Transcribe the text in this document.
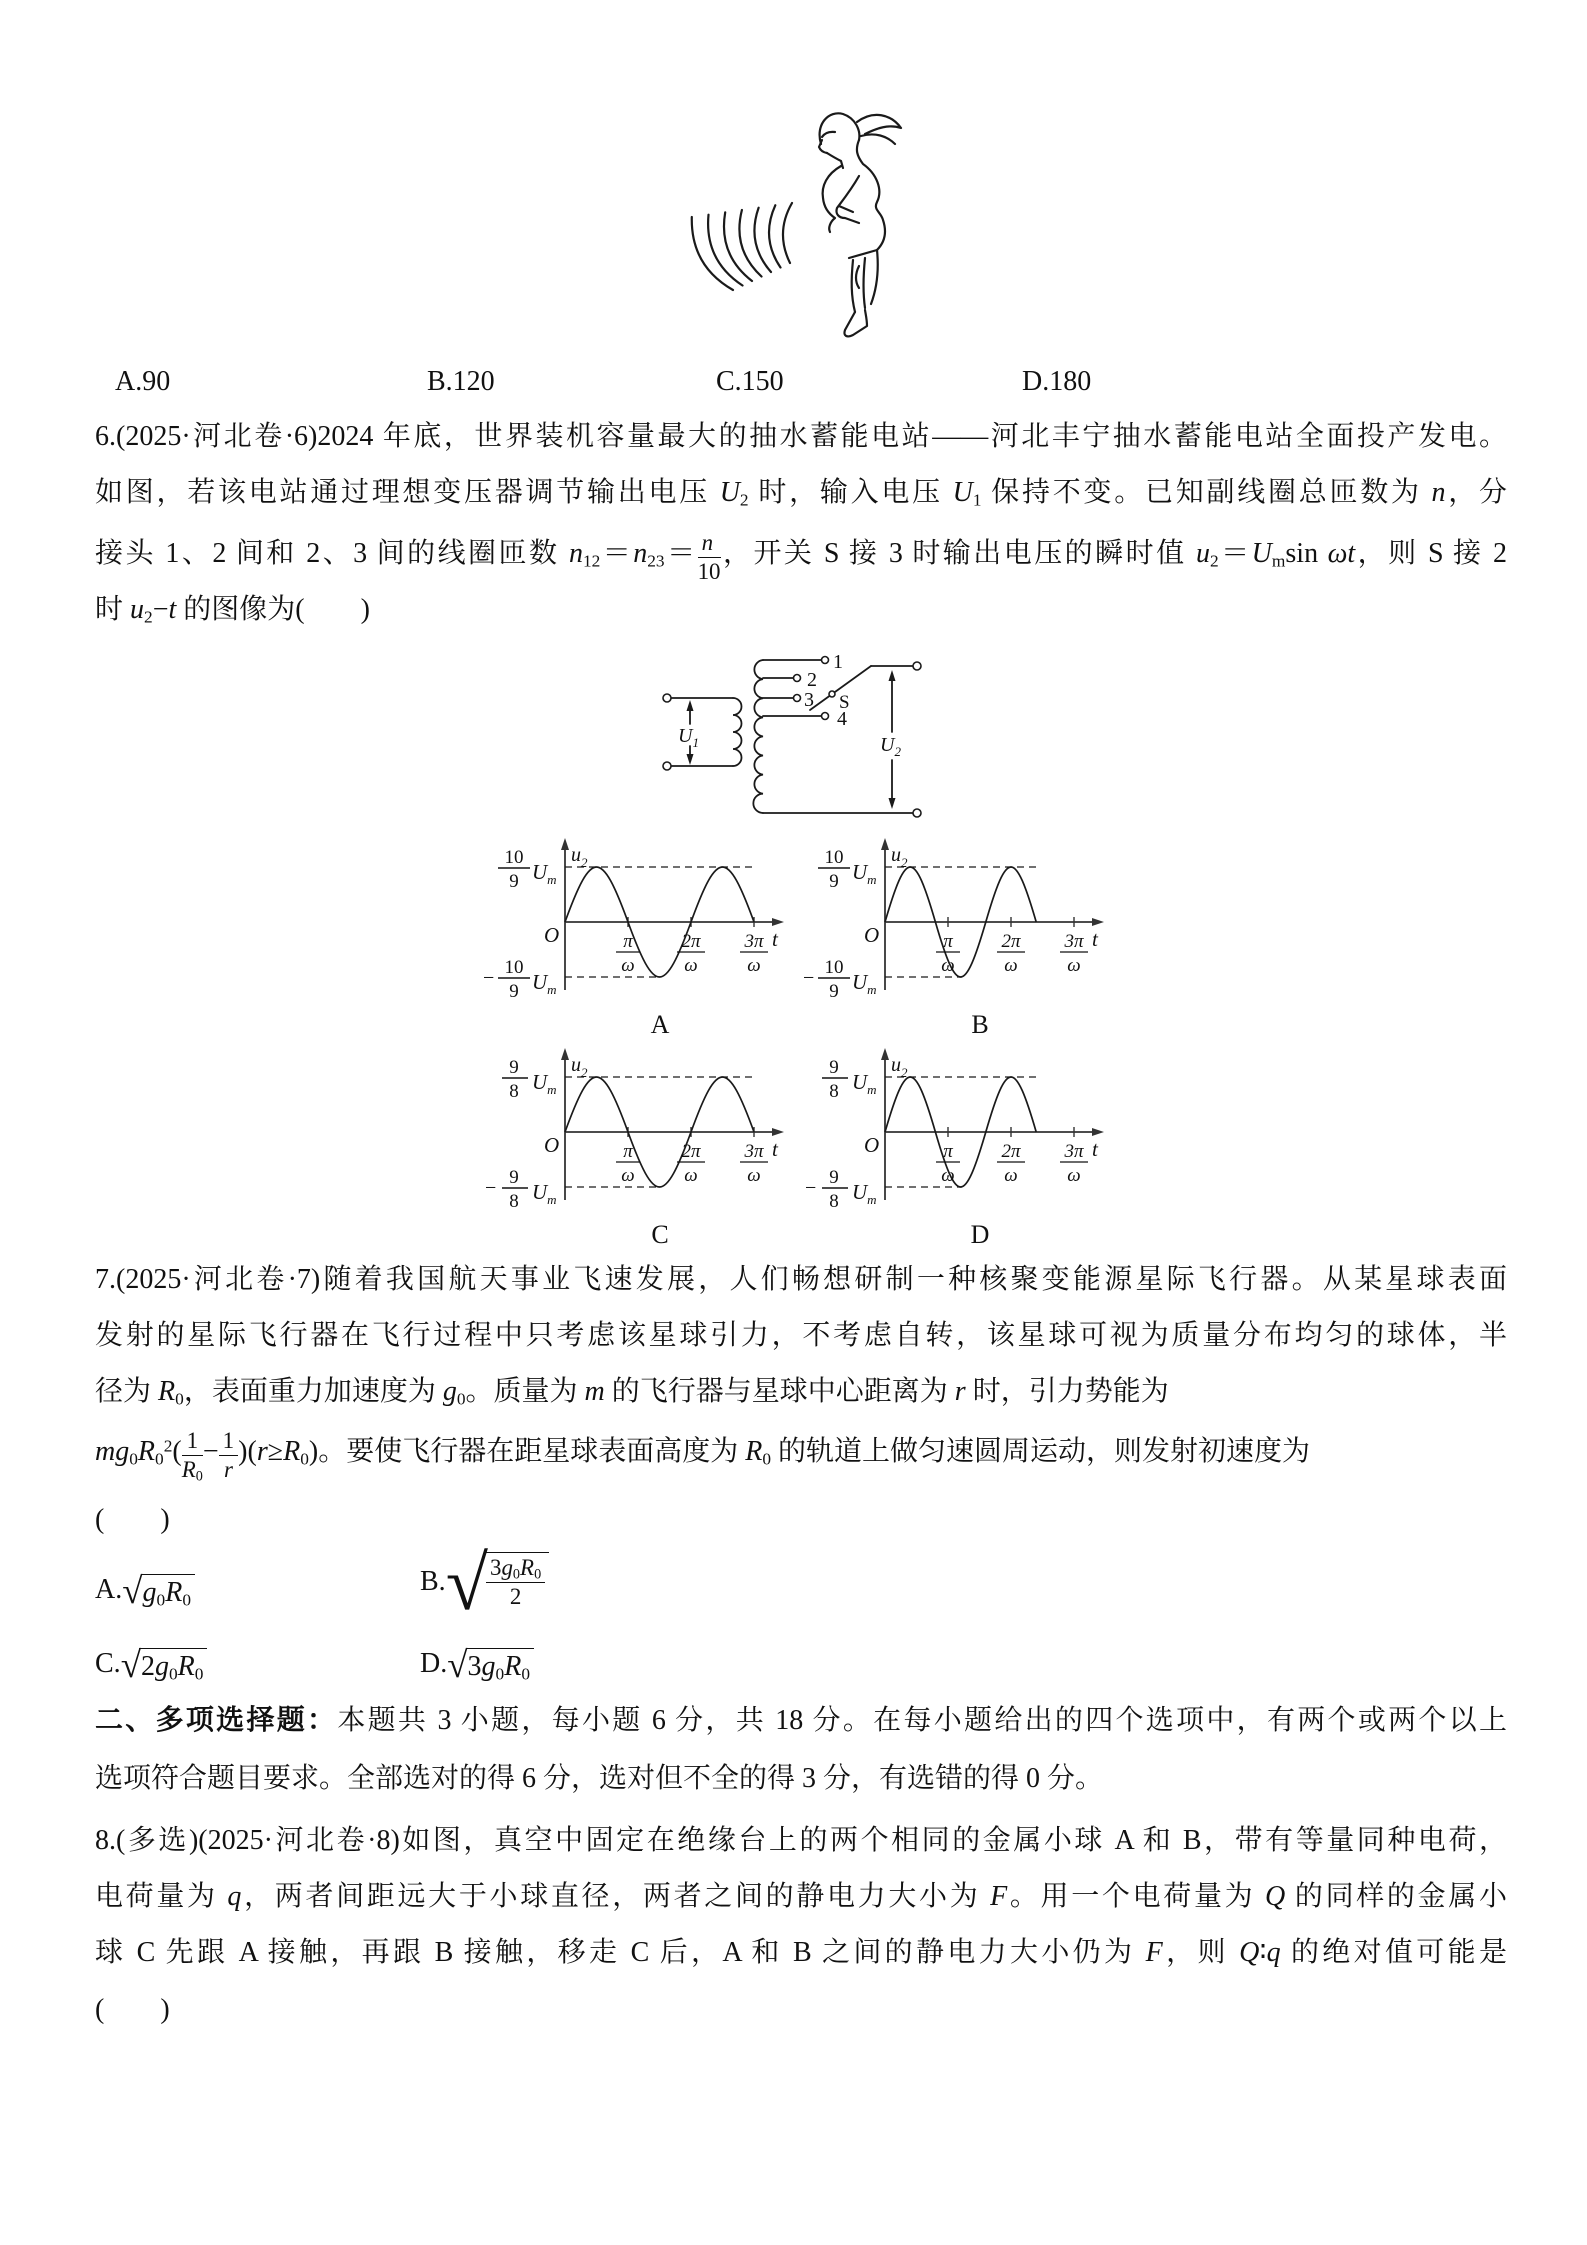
A.90	B.120	C.150	D.180
6.(2025·河北卷·6)2024 年底，世界装机容量最大的抽水蓄能电站——河北丰宁抽水蓄能电站全面投产发电。
如图，若该电站通过理想变压器调节输出电压 $U_2$ 时，输入电压 $U_1$ 保持不变。已知副线圈总匝数为 n，分
接头 1、2 间和 2、3 间的线圈匝数 $n_{12}=n_{23}= \frac{n}{10}$ ，开关 S 接 3 时输出电压的瞬时值 $u_2=U_m\sin$ ωt，则 S 接 2
时 $u_2-t$ 的图像为(　　)
$U_1$	$U_2$
1
2
3
4
S
$u_2$
t
O
10
9 $U_m$
− 10
9 $U_m$
π	2π 3π
ω	ω	ω
A
$u_2$
t
O
10
9 $U_m$
− 10
9 $U_m$
π	2π 3π
ω	ω	ω
B
$u_2$
t
O
9
8 $U_m$
− 9
8 $U_m$
π	2π 3π
ω	ω	ω
C
$u_2$
t
O
9
8 $U_m$
− 9
8 $U_m$
π	2π 3π
ω	ω	ω
D
7.(2025·河北卷·7)随着我国航天事业飞速发展，人们畅想研制一种核聚变能源星际飞行器。从某星球表面
发射的星际飞行器在飞行过程中只考虑该星球引力，不考虑自转，该星球可视为质量分布均匀的球体，半
径为 $R_0$，表面重力加速度为 $g_0$。质量为 m 的飞行器与星球中心距离为 r 时，引力势能为
$mg_0R_0^2( \frac{1}{R_0} - \frac{1}{r} )(r\ge R_0)$。要使飞行器在距星球表面高度为 $R_0$ 的轨道上做匀速圆周运动，则发射初速度为
(　　)
A. √ $g_0R_0$
B. √
$\frac{3g_0R_0}{2}$
C. √ $2g_0R_0$	D. √ $3g_0R_0$
二、多项选择题：本题共 3 小题，每小题 6 分，共 18 分。在每小题给出的四个选项中，有两个或两个以上
选项符合题目要求。全部选对的得 6 分，选对但不全的得 3 分，有选错的得 0 分。
8.(多选)(2025·河北卷·8)如图，真空中固定在绝缘台上的两个相同的金属小球 A 和 B，带有等量同种电荷，
电荷量为 q，两者间距远大于小球直径，两者之间的静电力大小为 F。用一个电荷量为 Q 的同样的金属小
球 C 先跟 A 接触，再跟 B 接触，移走 C 后，A 和 B 之间的静电力大小仍为 F，则 Q∶q 的绝对值可能是
(　　)
